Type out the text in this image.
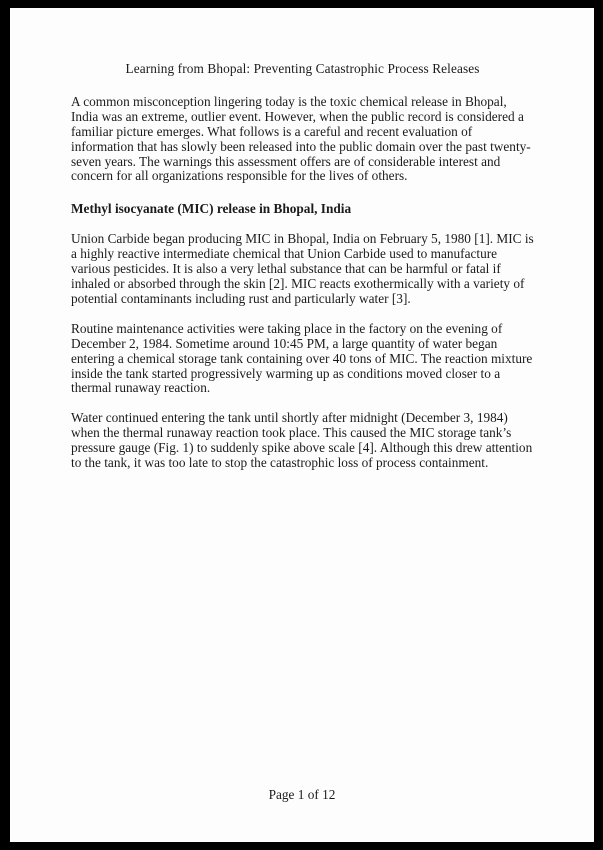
Learning from Bhopal: Preventing Catastrophic Process Releases

A common misconception lingering today is the toxic chemical release in Bhopal, India was an extreme, outlier event. However, when the public record is considered a familiar picture emerges. What follows is a careful and recent evaluation of information that has slowly been released into the public domain over the past twenty-seven years. The warnings this assessment offers are of considerable interest and concern for all organizations responsible for the lives of others.

Methyl isocyanate (MIC) release in Bhopal, India

Union Carbide began producing MIC in Bhopal, India on February 5, 1980 [1]. MIC is a highly reactive intermediate chemical that Union Carbide used to manufacture various pesticides. It is also a very lethal substance that can be harmful or fatal if inhaled or absorbed through the skin [2]. MIC reacts exothermically with a variety of potential contaminants including rust and particularly water [3].

Routine maintenance activities were taking place in the factory on the evening of December 2, 1984. Sometime around 10:45 PM, a large quantity of water began entering a chemical storage tank containing over 40 tons of MIC. The reaction mixture inside the tank started progressively warming up as conditions moved closer to a thermal runaway reaction.

Water continued entering the tank until shortly after midnight (December 3, 1984) when the thermal runaway reaction took place. This caused the MIC storage tank’s pressure gauge (Fig. 1) to suddenly spike above scale [4]. Although this drew attention to the tank, it was too late to stop the catastrophic loss of process containment.

Page 1 of 12
